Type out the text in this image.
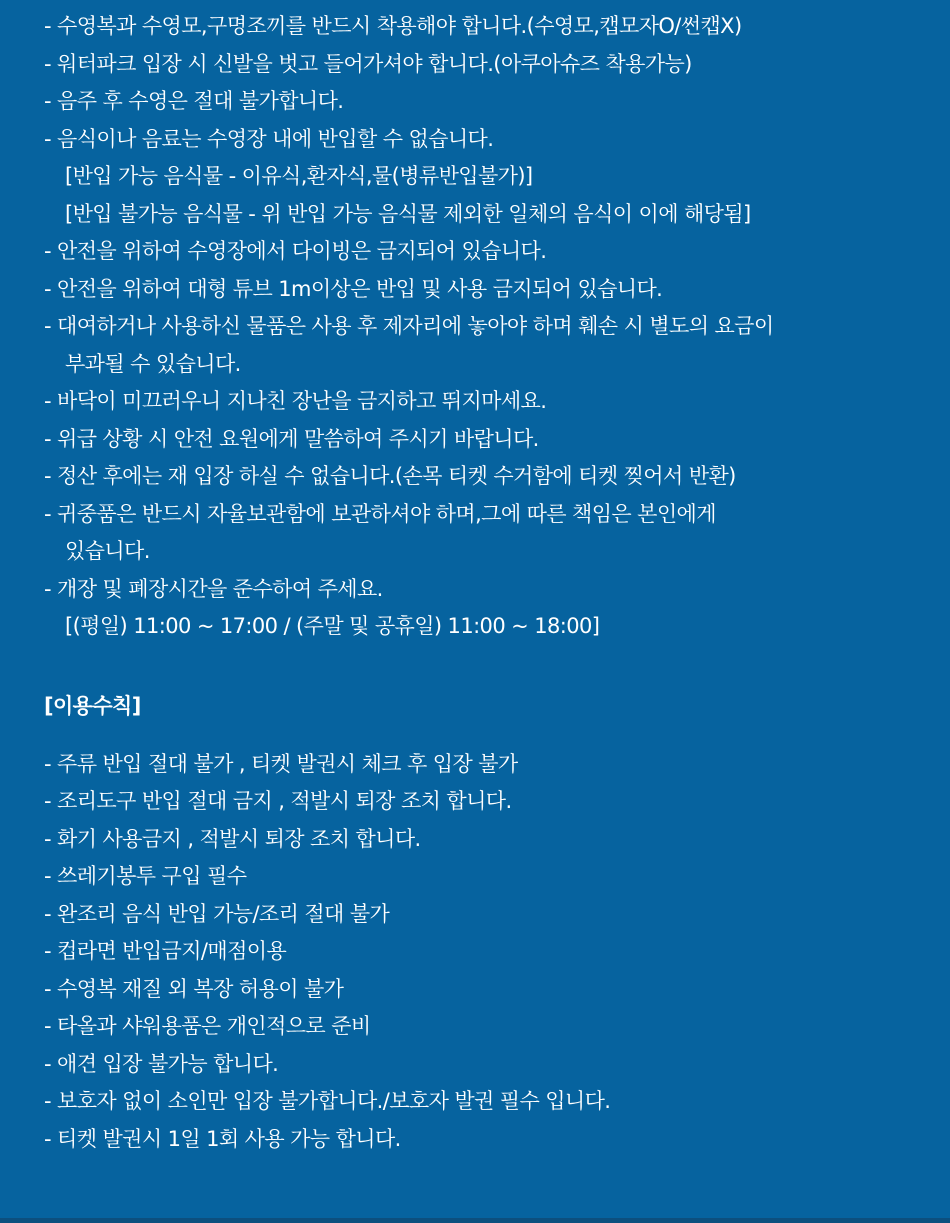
- 수영복과 수영모,구명조끼를 반드시 착용해야 합니다.(수영모,캡모자O/썬캡X)
- 워터파크 입장 시 신발을 벗고 들어가셔야 합니다.(아쿠아슈즈 착용가능)
- 음주 후 수영은 절대 불가합니다.
- 음식이나 음료는 수영장 내에 반입할 수 없습니다.
[반입 가능 음식물 - 이유식,환자식,물(병류반입불가)]
[반입 불가능 음식물 - 위 반입 가능 음식물 제외한 일체의 음식이 이에 해당됨]
- 안전을 위하여 수영장에서 다이빙은 금지되어 있습니다.
- 안전을 위하여 대형 튜브 1m이상은 반입 및 사용 금지되어 있습니다.
- 대여하거나 사용하신 물품은 사용 후 제자리에 놓아야 하며 훼손 시 별도의 요금이
부과될 수 있습니다.
- 바닥이 미끄러우니 지나친 장난을 금지하고 뛰지마세요.
- 위급 상황 시 안전 요원에게 말씀하여 주시기 바랍니다.
- 정산 후에는 재 입장 하실 수 없습니다.(손목 티켓 수거함에 티켓 찢어서 반환)
- 귀중품은 반드시 자율보관함에 보관하셔야 하며,그에 따른 책임은 본인에게
있습니다.
- 개장 및 폐장시간을 준수하여 주세요.
[(평일) 11:00 ~ 17:00 / (주말 및 공휴일) 11:00 ~ 18:00]
[이용수칙]
- 주류 반입 절대 불가 , 티켓 발권시 체크 후 입장 불가
- 조리도구 반입 절대 금지 , 적발시 퇴장 조치 합니다.
- 화기 사용금지 , 적발시 퇴장 조치 합니다.
- 쓰레기봉투 구입 필수
- 완조리 음식 반입 가능/조리 절대 불가
- 컵라면 반입금지/매점이용
- 수영복 재질 외 복장 허용이 불가
- 타올과 샤워용품은 개인적으로 준비
- 애견 입장 불가능 합니다.
- 보호자 없이 소인만 입장 불가합니다./보호자 발권 필수 입니다.
- 티켓 발권시 1일 1회 사용 가능 합니다.
